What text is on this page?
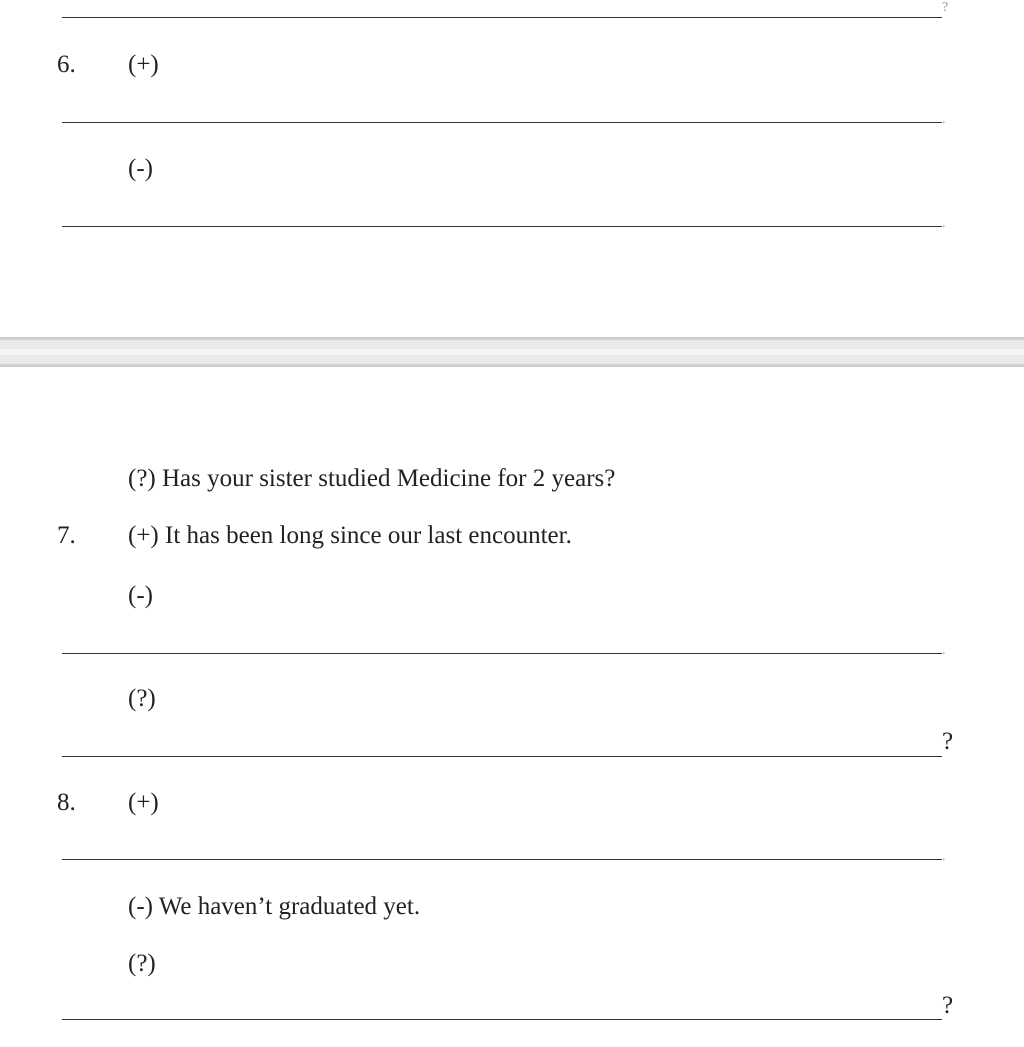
?
6. (+)
.
(-)
.
(?) Has your sister studied Medicine for 2 years?
7. (+) It has been long since our last encounter.
(-)
.
(?)
?
8. (+)
.
(-) We haven’t graduated yet.
(?)
?
